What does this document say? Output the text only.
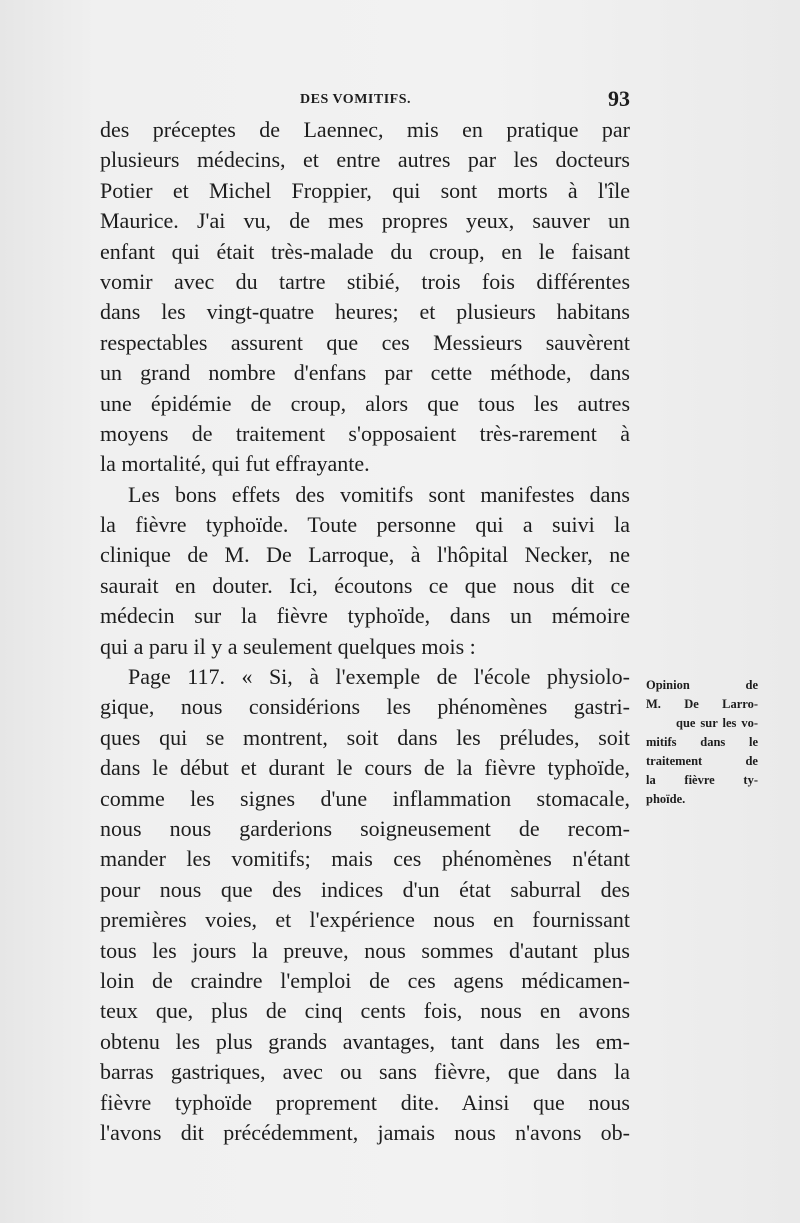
DES VOMITIFS.	93
des préceptes de Laennec, mis en pratique par
plusieurs médecins, et entre autres par les docteurs
Potier et Michel Froppier, qui sont morts à l'île
Maurice. J'ai vu, de mes propres yeux, sauver un
enfant qui était très-malade du croup, en le faisant
vomir avec du tartre stibié, trois fois différentes
dans les vingt-quatre heures; et plusieurs habitans
respectables assurent que ces Messieurs sauvèrent
un grand nombre d'enfans par cette méthode, dans
une épidémie de croup, alors que tous les autres
moyens de traitement s'opposaient très-rarement à
la mortalité, qui fut effrayante.
Les bons effets des vomitifs sont manifestes dans
la fièvre typhoïde. Toute personne qui a suivi la
clinique de M. De Larroque, à l'hôpital Necker, ne
saurait en douter. Ici, écoutons ce que nous dit ce
médecin sur la fièvre typhoïde, dans un mémoire
qui a paru il y a seulement quelques mois :
Page 117. « Si, à l'exemple de l'école physiolo-
gique, nous considérions les phénomènes gastri-
ques qui se montrent, soit dans les préludes, soit
dans le début et durant le cours de la fièvre typhoïde,
comme les signes d'une inflammation stomacale,
nous nous garderions soigneusement de recom-
mander les vomitifs; mais ces phénomènes n'étant
pour nous que des indices d'un état saburral des
premières voies, et l'expérience nous en fournissant
tous les jours la preuve, nous sommes d'autant plus
loin de craindre l'emploi de ces agens médicamen-
teux que, plus de cinq cents fois, nous en avons
obtenu les plus grands avantages, tant dans les em-
barras gastriques, avec ou sans fièvre, que dans la
fièvre typhoïde proprement dite. Ainsi que nous
l'avons dit précédemment, jamais nous n'avons ob-
Opinion de
M. De Larro-
que sur les vo-
mitifs dans le
traitement de
la fièvre ty-
phoïde.
